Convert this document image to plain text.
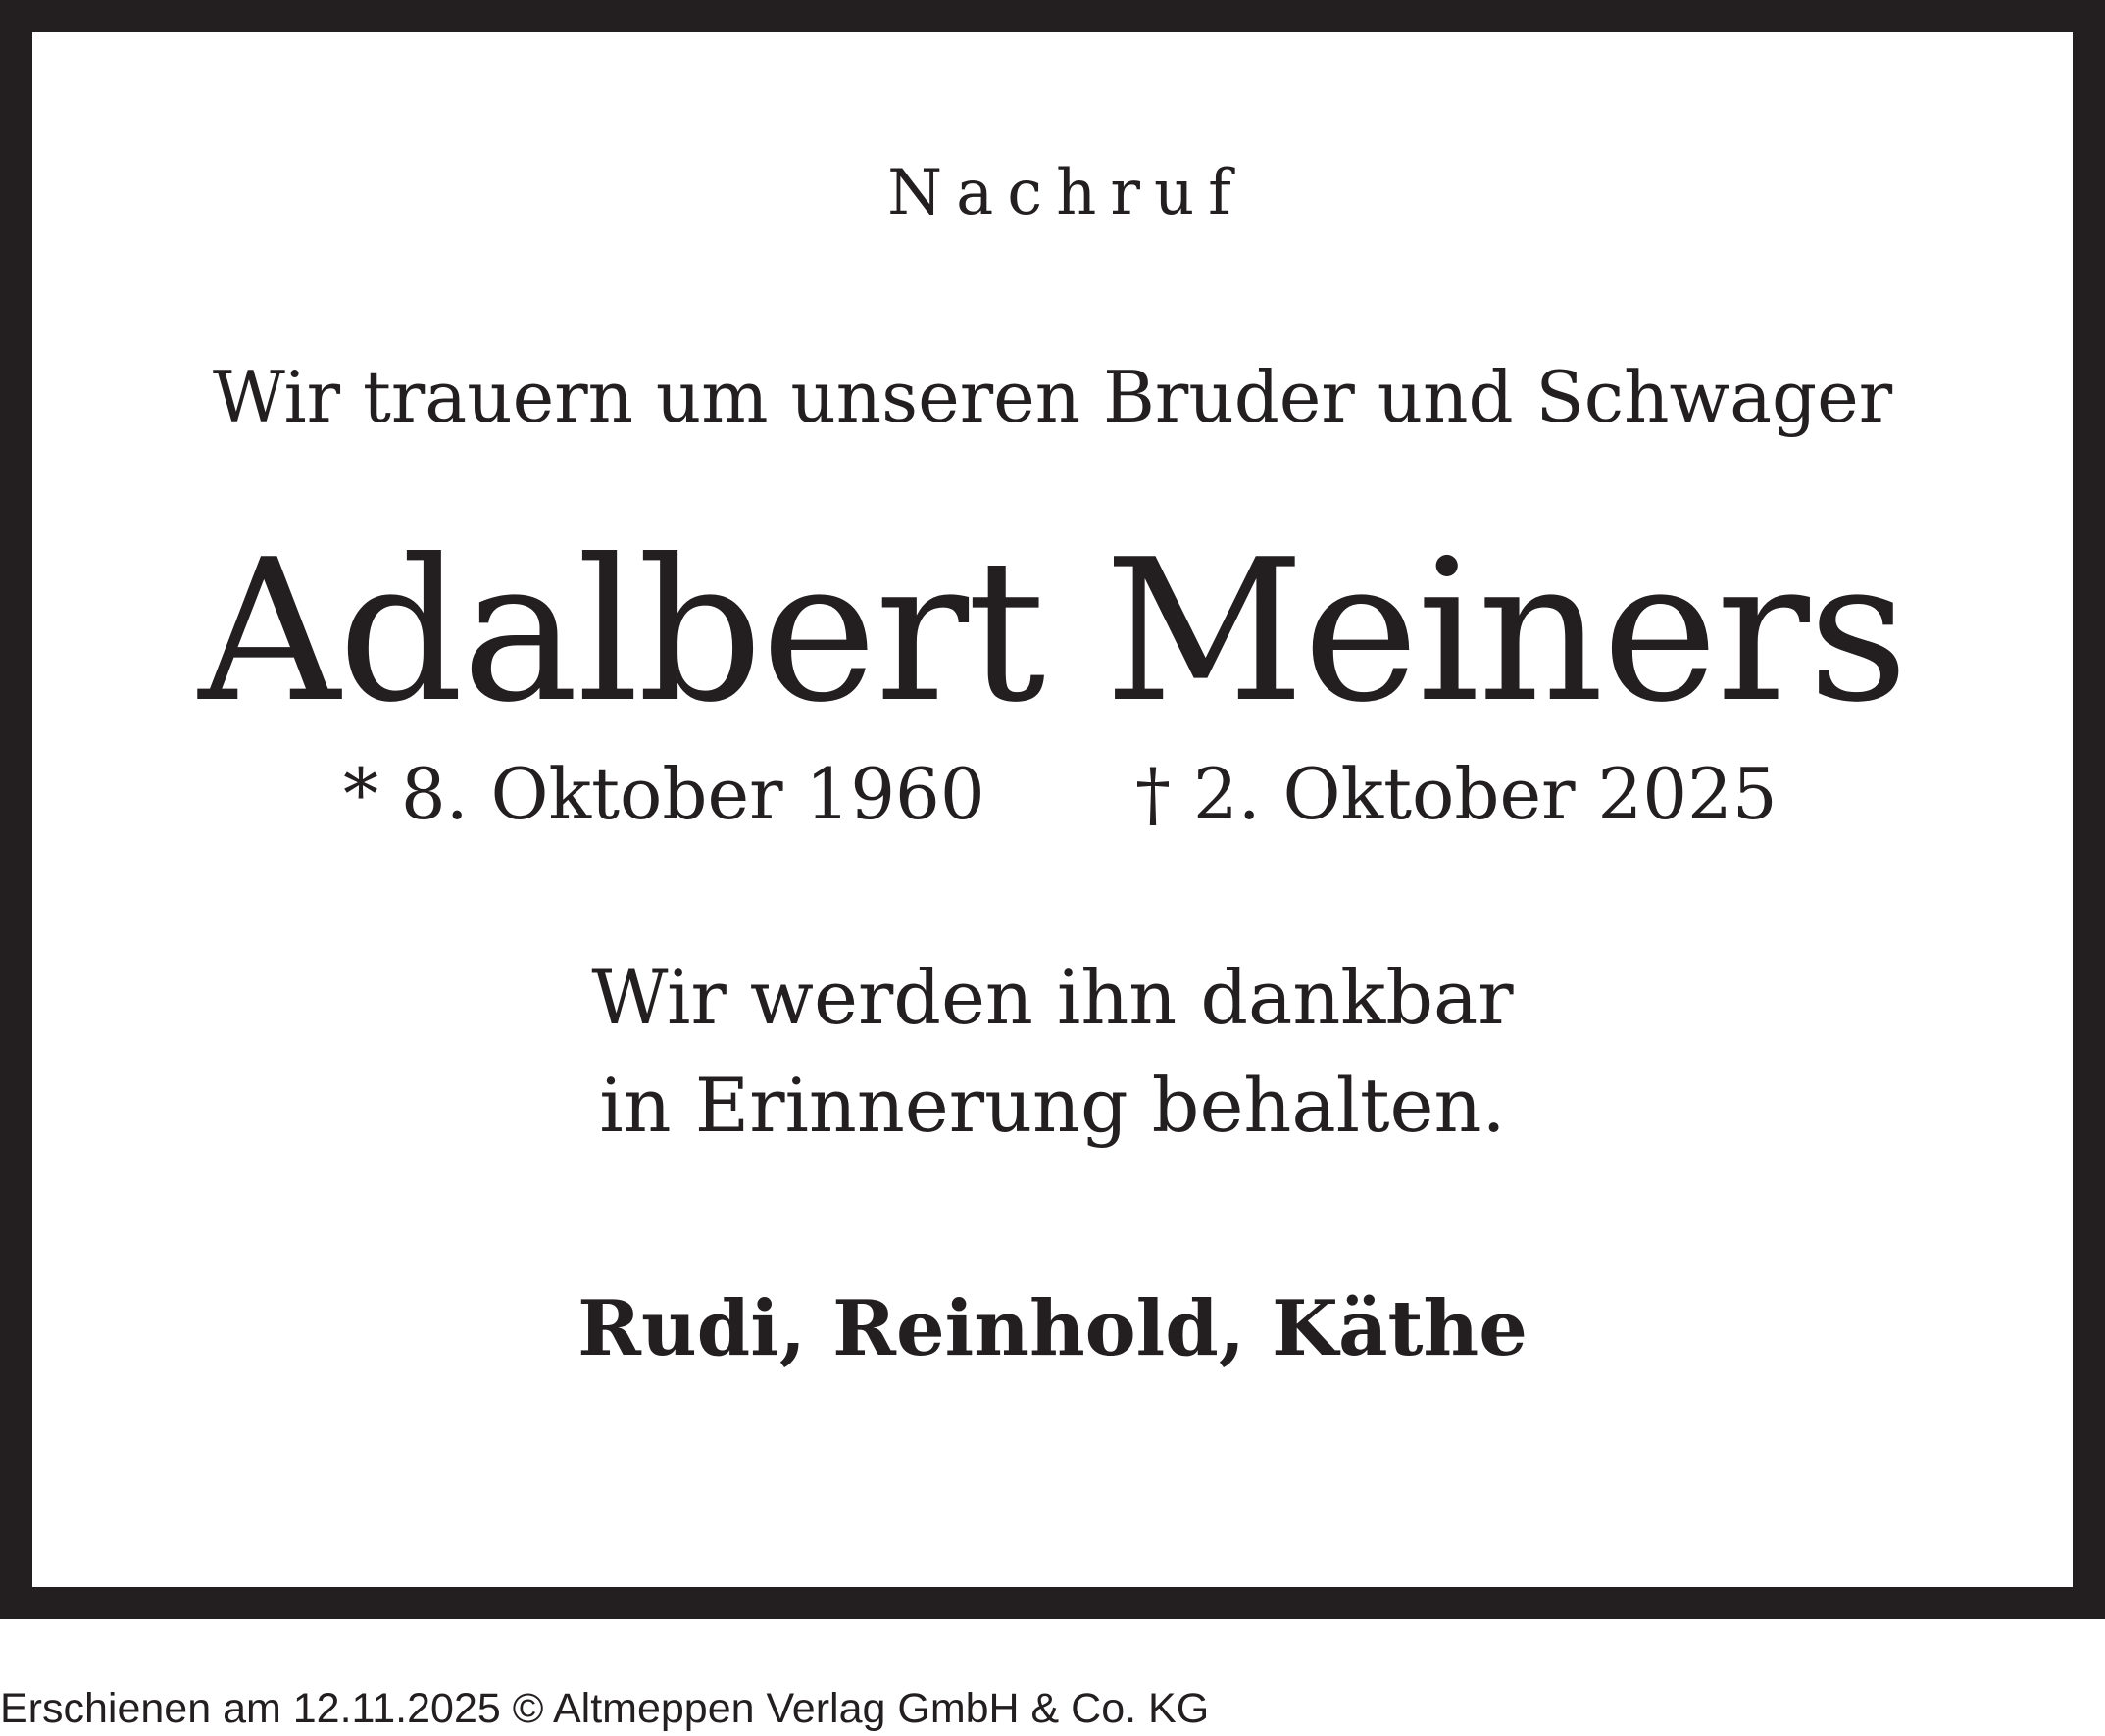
Nachruf
Wir trauern um unseren Bruder und Schwager
Adalbert Meiners
* 8. Oktober 1960 † 2. Oktober 2025
Wir werden ihn dankbar
in Erinnerung behalten.
Rudi, Reinhold, Käthe
Erschienen am 12.11.2025 © Altmeppen Verlag GmbH & Co. KG
